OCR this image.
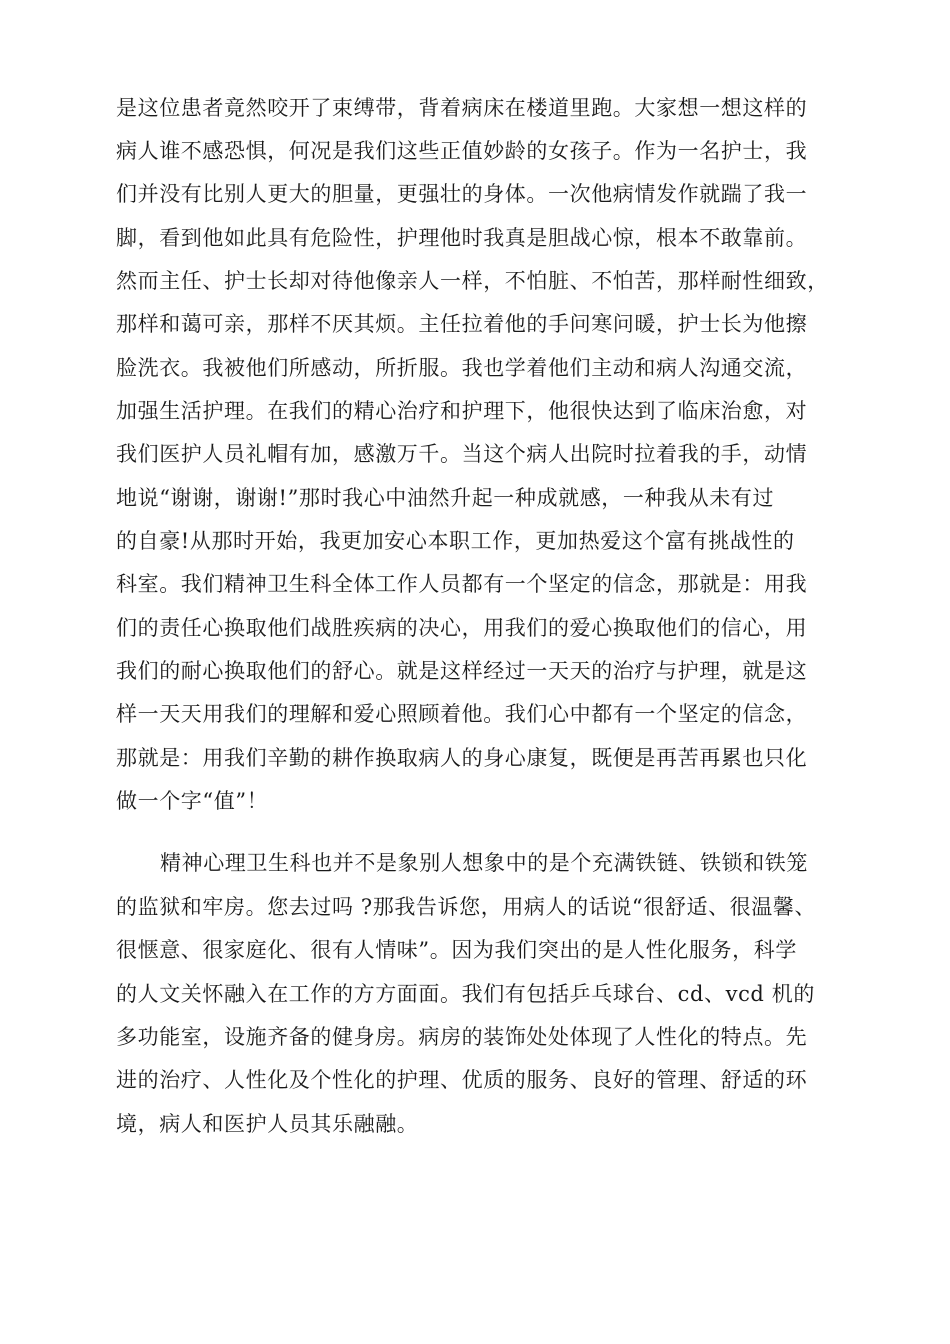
是这位患者竟然咬开了束缚带，背着病床在楼道里跑。大家想一想这样的
病人谁不感恐惧，何况是我们这些正值妙龄的女孩子。作为一名护士，我
们并没有比别人更大的胆量，更强壮的身体。一次他病情发作就踹了我一
脚，看到他如此具有危险性，护理他时我真是胆战心惊，根本不敢靠前。
然而主任、护士长却对待他像亲人一样，不怕脏、不怕苦，那样耐性细致，
那样和蔼可亲，那样不厌其烦。主任拉着他的手问寒问暖，护士长为他擦
脸洗衣。我被他们所感动，所折服。我也学着他们主动和病人沟通交流，
加强生活护理。在我们的精心治疗和护理下，他很快达到了临床治愈，对
我们医护人员礼帽有加，感激万千。当这个病人出院时拉着我的手，动情
地说“谢谢，谢谢!”那时我心中油然升起一种成就感，一种我从未有过
的自豪!从那时开始，我更加安心本职工作，更加热爱这个富有挑战性的
科室。我们精神卫生科全体工作人员都有一个坚定的信念，那就是：用我
们的责任心换取他们战胜疾病的决心，用我们的爱心换取他们的信心，用
我们的耐心换取他们的舒心。就是这样经过一天天的治疗与护理，就是这
样一天天用我们的理解和爱心照顾着他。我们心中都有一个坚定的信念，
那就是：用我们辛勤的耕作换取病人的身心康复，既便是再苦再累也只化
做一个字“值”！
精神心理卫生科也并不是象别人想象中的是个充满铁链、铁锁和铁笼
的监狱和牢房。您去过吗 ?那我告诉您，用病人的话说“很舒适、很温馨、
很惬意、很家庭化、很有人情味”。因为我们突出的是人性化服务，科学
的人文关怀融入在工作的方方面面。我们有包括乒乓球台、cd、vcd 机的
多功能室，设施齐备的健身房。病房的装饰处处体现了人性化的特点。先
进的治疗、人性化及个性化的护理、优质的服务、良好的管理、舒适的环
境，病人和医护人员其乐融融。
